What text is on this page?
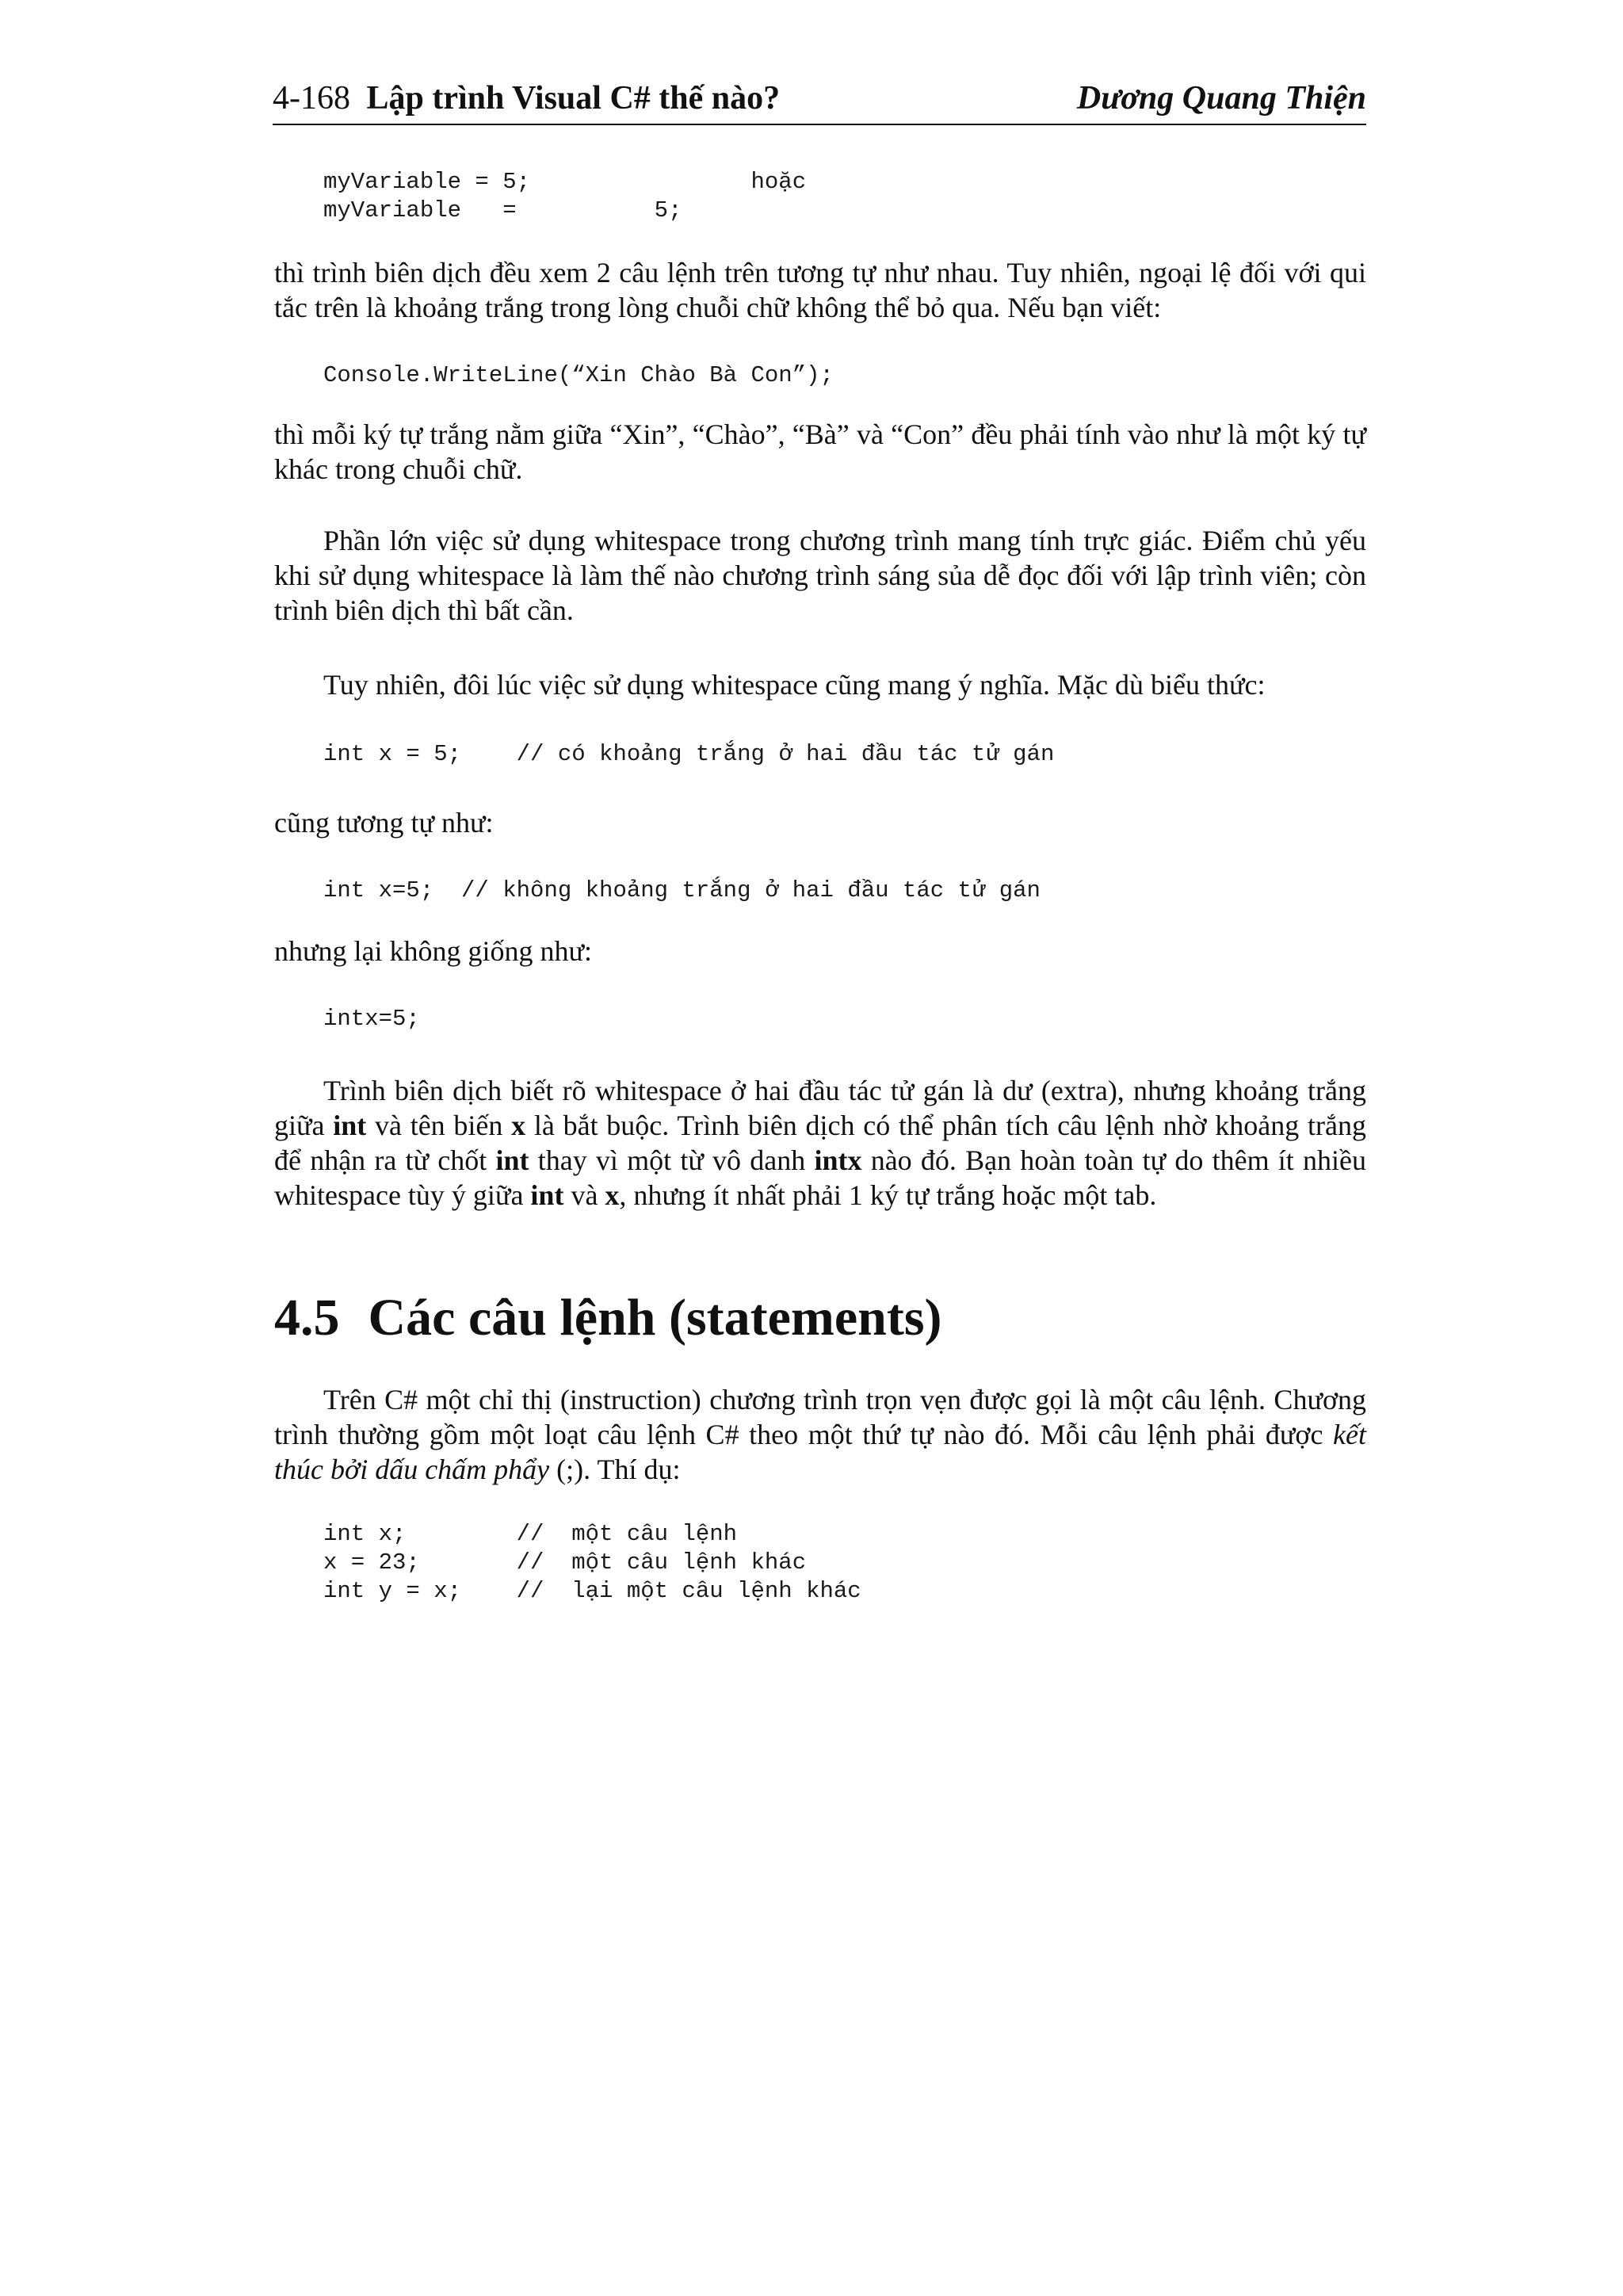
4-168 Lập trình Visual C# thế nào?	Dương Quang Thiện
myVariable = 5;                hoặc
myVariable   =          5;

thì trình biên dịch đều xem 2 câu lệnh trên tương tự như nhau. Tuy nhiên, ngoại lệ đối với qui tắc trên là khoảng trắng trong lòng chuỗi chữ không thể bỏ qua. Nếu bạn viết:

Console.WriteLine(“Xin Chào Bà Con”);

thì mỗi ký tự trắng nằm giữa “Xin”, “Chào”, “Bà” và “Con” đều phải tính vào như là một ký tự khác trong chuỗi chữ.

Phần lớn việc sử dụng whitespace trong chương trình mang tính trực giác. Điểm chủ yếu khi sử dụng whitespace là làm thế nào chương trình sáng sủa dễ đọc đối với lập trình viên; còn trình biên dịch thì bất cần.

Tuy nhiên, đôi lúc việc sử dụng whitespace cũng mang ý nghĩa. Mặc dù biểu thức:

int x = 5;    // có khoảng trắng ở hai đầu tác tử gán

cũng tương tự như:

int x=5;  // không khoảng trắng ở hai đầu tác tử gán

nhưng lại không giống như:

intx=5;

Trình biên dịch biết rõ whitespace ở hai đầu tác tử gán là dư (extra), nhưng khoảng trắng giữa int và tên biến x là bắt buộc. Trình biên dịch có thể phân tích câu lệnh nhờ khoảng trắng để nhận ra từ chốt int thay vì một từ vô danh intx nào đó. Bạn hoàn toàn tự do thêm ít nhiều whitespace tùy ý giữa int và x, nhưng ít nhất phải 1 ký tự trắng hoặc một tab.

4.5 Các câu lệnh (statements)

Trên C# một chỉ thị (instruction) chương trình trọn vẹn được gọi là một câu lệnh. Chương trình thường gồm một loạt câu lệnh C# theo một thứ tự nào đó. Mỗi câu lệnh phải được kết thúc bởi dấu chấm phẩy (;). Thí dụ:

int x;        //  một câu lệnh
x = 23;       //  một câu lệnh khác
int y = x;    //  lại một câu lệnh khác
